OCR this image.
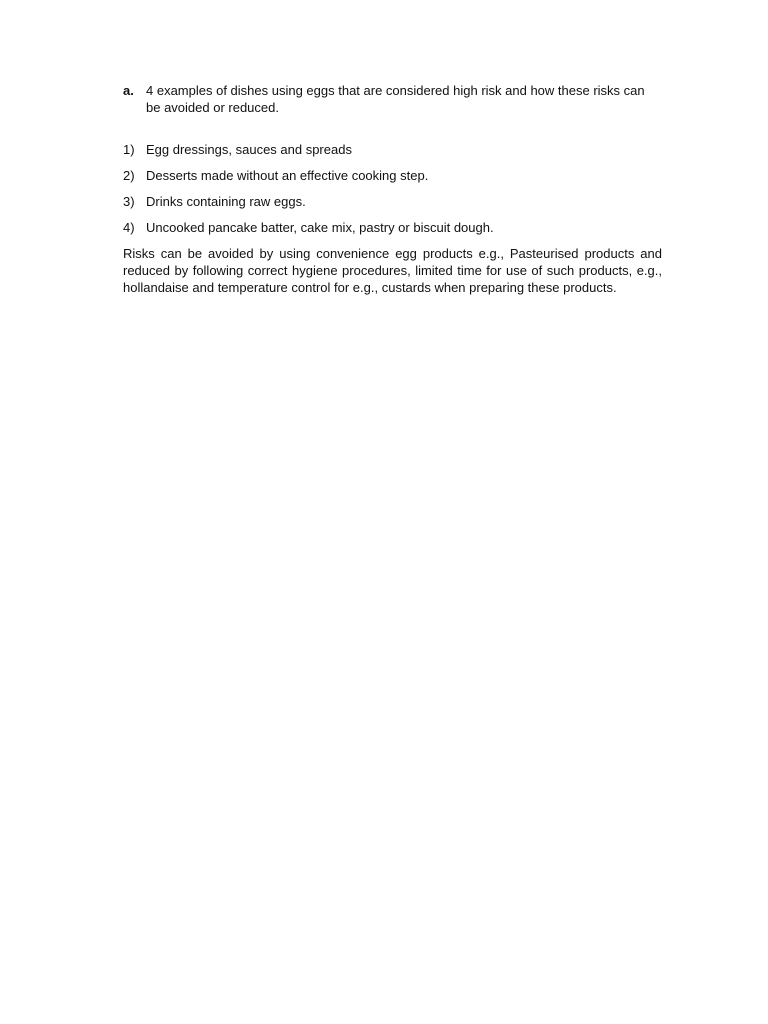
a. 4 examples of dishes using eggs that are considered high risk and how these risks can be avoided or reduced.
1) Egg dressings, sauces and spreads
2) Desserts made without an effective cooking step.
3) Drinks containing raw eggs.
4) Uncooked pancake batter, cake mix, pastry or biscuit dough.

Risks can be avoided by using convenience egg products e.g., Pasteurised products and reduced by following correct hygiene procedures, limited time for use of such products, e.g., hollandaise and temperature control for e.g., custards when preparing these products.
